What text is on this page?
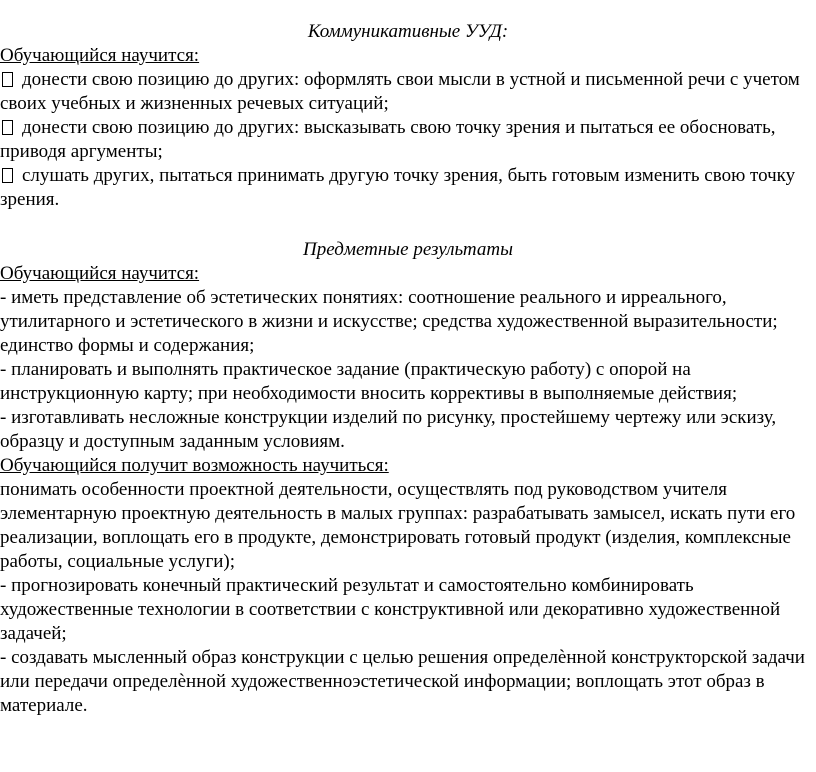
Коммуникативные УУД:

Обучающийся научится:

донести свою позицию до других: оформлять свои мысли в устной и письменной речи с учетом своих учебных и жизненных речевых ситуаций;

донести свою позицию до других: высказывать свою точку зрения и пытаться ее обосновать, приводя аргументы;

слушать других, пытаться принимать другую точку зрения, быть готовым изменить свою точку зрения.

Предметные результаты

Обучающийся научится:

- иметь представление об эстетических понятиях: соотношение реального и ирреального, утилитарного и эстетического в жизни и искусстве; средства художественной выразительности; единство формы и содержания;

- планировать и выполнять практическое задание (практическую работу) с опорой на инструкционную карту; при необходимости вносить коррективы в выполняемые действия;

- изготавливать несложные конструкции изделий по рисунку, простейшему чертежу или эскизу, образцу и доступным заданным условиям.

Обучающийся получит возможность научиться:

понимать особенности проектной деятельности, осуществлять под руководством учителя элементарную проектную деятельность в малых группах: разрабатывать замысел, искать пути его реализации, воплощать его в продукте, демонстрировать готовый продукт (изделия, комплексные работы, социальные услуги);

- прогнозировать конечный практический результат и самостоятельно комбинировать художественные технологии в соответствии с конструктивной или декоративно художественной задачей;

- создавать мысленный образ конструкции с целью решения определѐнной конструкторской задачи или передачи определѐнной художественноэстетической информации; воплощать этот образ в материале.
